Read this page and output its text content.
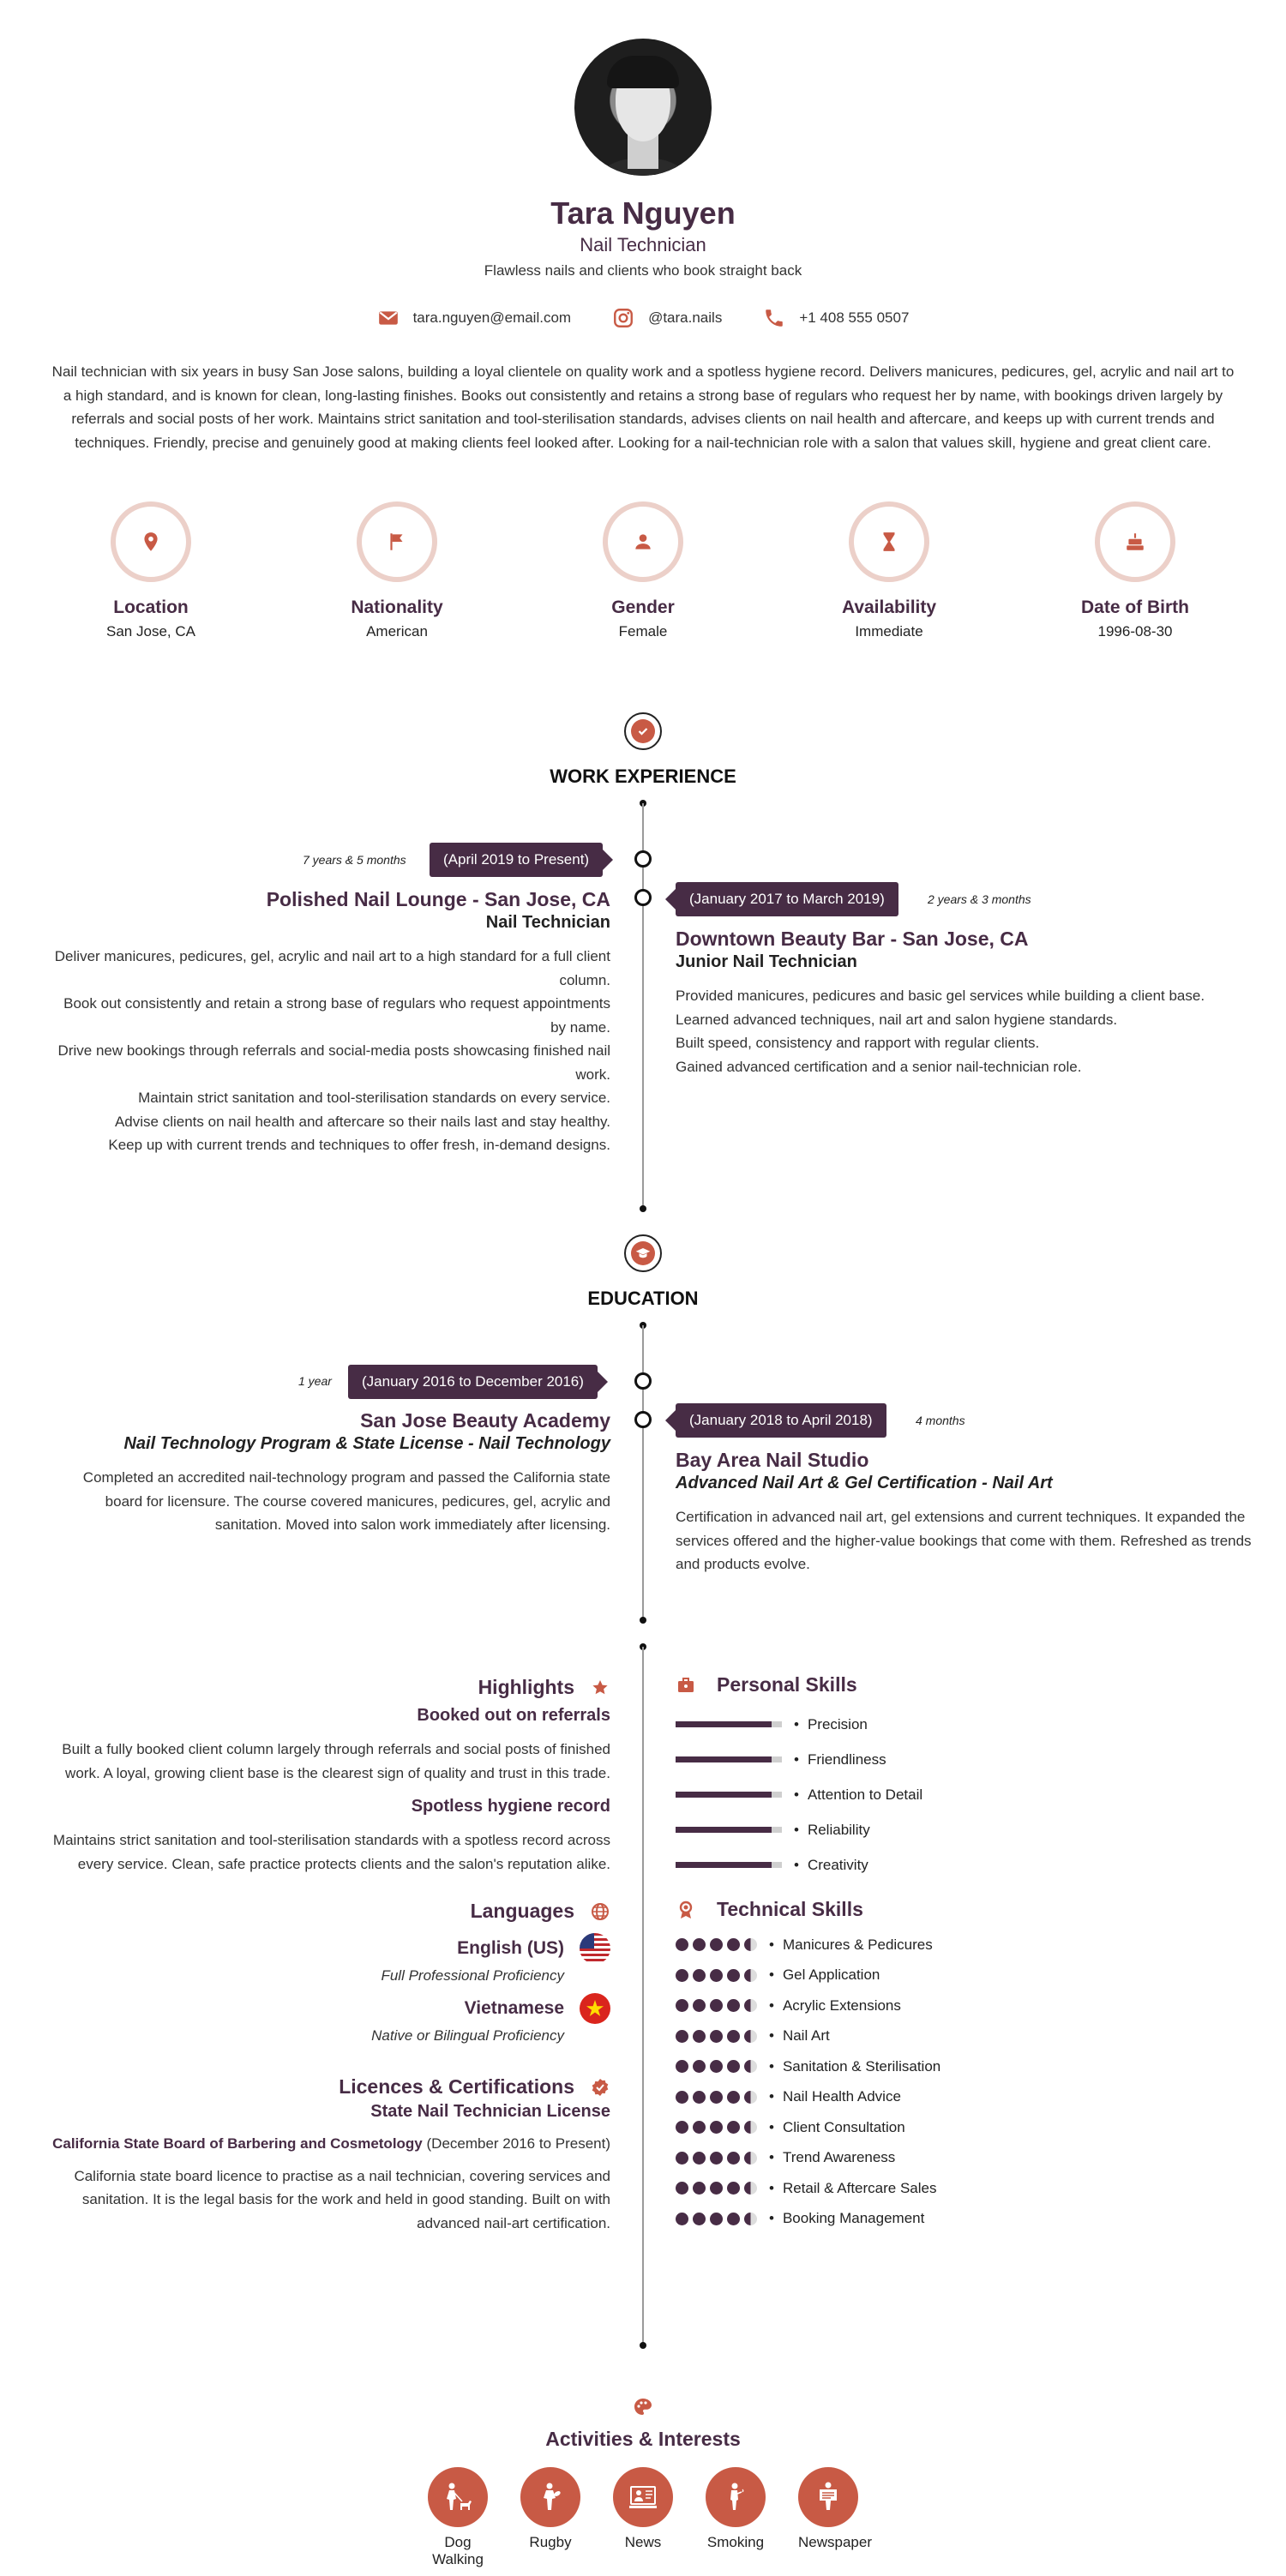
Tara Nguyen
Nail Technician
Flawless nails and clients who book straight back
tara.nguyen@email.com	@tara.nails	+1 408 555 0507
Nail technician with six years in busy San Jose salons, building a loyal clientele on quality work and a spotless hygiene record. Delivers manicures, pedicures, gel, acrylic and nail art to a high standard, and is known for clean, long-lasting finishes. Books out consistently and retains a strong base of regulars who request her by name, with bookings driven largely by referrals and social posts of her work. Maintains strict sanitation and tool-sterilisation standards, advises clients on nail health and aftercare, and keeps up with current trends and techniques. Friendly, precise and genuinely good at making clients feel looked after. Looking for a nail-technician role with a salon that values skill, hygiene and great client care.
Location
San Jose, CA
Nationality
American
Gender
Female
Availability
Immediate
Date of Birth
1996-08-30
WORK EXPERIENCE
7 years & 5 months	(April 2019 to Present)
Polished Nail Lounge - San Jose, CA
Nail Technician
Deliver manicures, pedicures, gel, acrylic and nail art to a high standard for a full client column.
Book out consistently and retain a strong base of regulars who request appointments by name.
Drive new bookings through referrals and social-media posts showcasing finished nail work.
Maintain strict sanitation and tool-sterilisation standards on every service.
Advise clients on nail health and aftercare so their nails last and stay healthy.
Keep up with current trends and techniques to offer fresh, in-demand designs.
(January 2017 to March 2019)	2 years & 3 months
Downtown Beauty Bar - San Jose, CA
Junior Nail Technician
Provided manicures, pedicures and basic gel services while building a client base.
Learned advanced techniques, nail art and salon hygiene standards.
Built speed, consistency and rapport with regular clients.
Gained advanced certification and a senior nail-technician role.
EDUCATION
1 year	(January 2016 to December 2016)
San Jose Beauty Academy
Nail Technology Program & State License - Nail Technology
Completed an accredited nail-technology program and passed the California state board for licensure. The course covered manicures, pedicures, gel, acrylic and sanitation. Moved into salon work immediately after licensing.
(January 2018 to April 2018)	4 months
Bay Area Nail Studio
Advanced Nail Art & Gel Certification - Nail Art
Certification in advanced nail art, gel extensions and current techniques. It expanded the services offered and the higher-value bookings that come with them. Refreshed as trends and products evolve.
Highlights
Booked out on referrals
Built a fully booked client column largely through referrals and social posts of finished work. A loyal, growing client base is the clearest sign of quality and trust in this trade.
Spotless hygiene record
Maintains strict sanitation and tool-sterilisation standards with a spotless record across every service. Clean, safe practice protects clients and the salon's reputation alike.
Languages
English (US)
Full Professional Proficiency
Vietnamese
Native or Bilingual Proficiency
Licences & Certifications
State Nail Technician License
California State Board of Barbering and Cosmetology (December 2016 to Present)
California state board licence to practise as a nail technician, covering services and sanitation. It is the legal basis for the work and held in good standing. Built on with advanced nail-art certification.
Personal Skills
• Precision
• Friendliness
• Attention to Detail
• Reliability
• Creativity
Technical Skills
• Manicures & Pedicures
• Gel Application
• Acrylic Extensions
• Nail Art
• Sanitation & Sterilisation
• Nail Health Advice
• Client Consultation
• Trend Awareness
• Retail & Aftercare Sales
• Booking Management
Activities & Interests
Dog Walking
Rugby	News	Smoking Newspaper
